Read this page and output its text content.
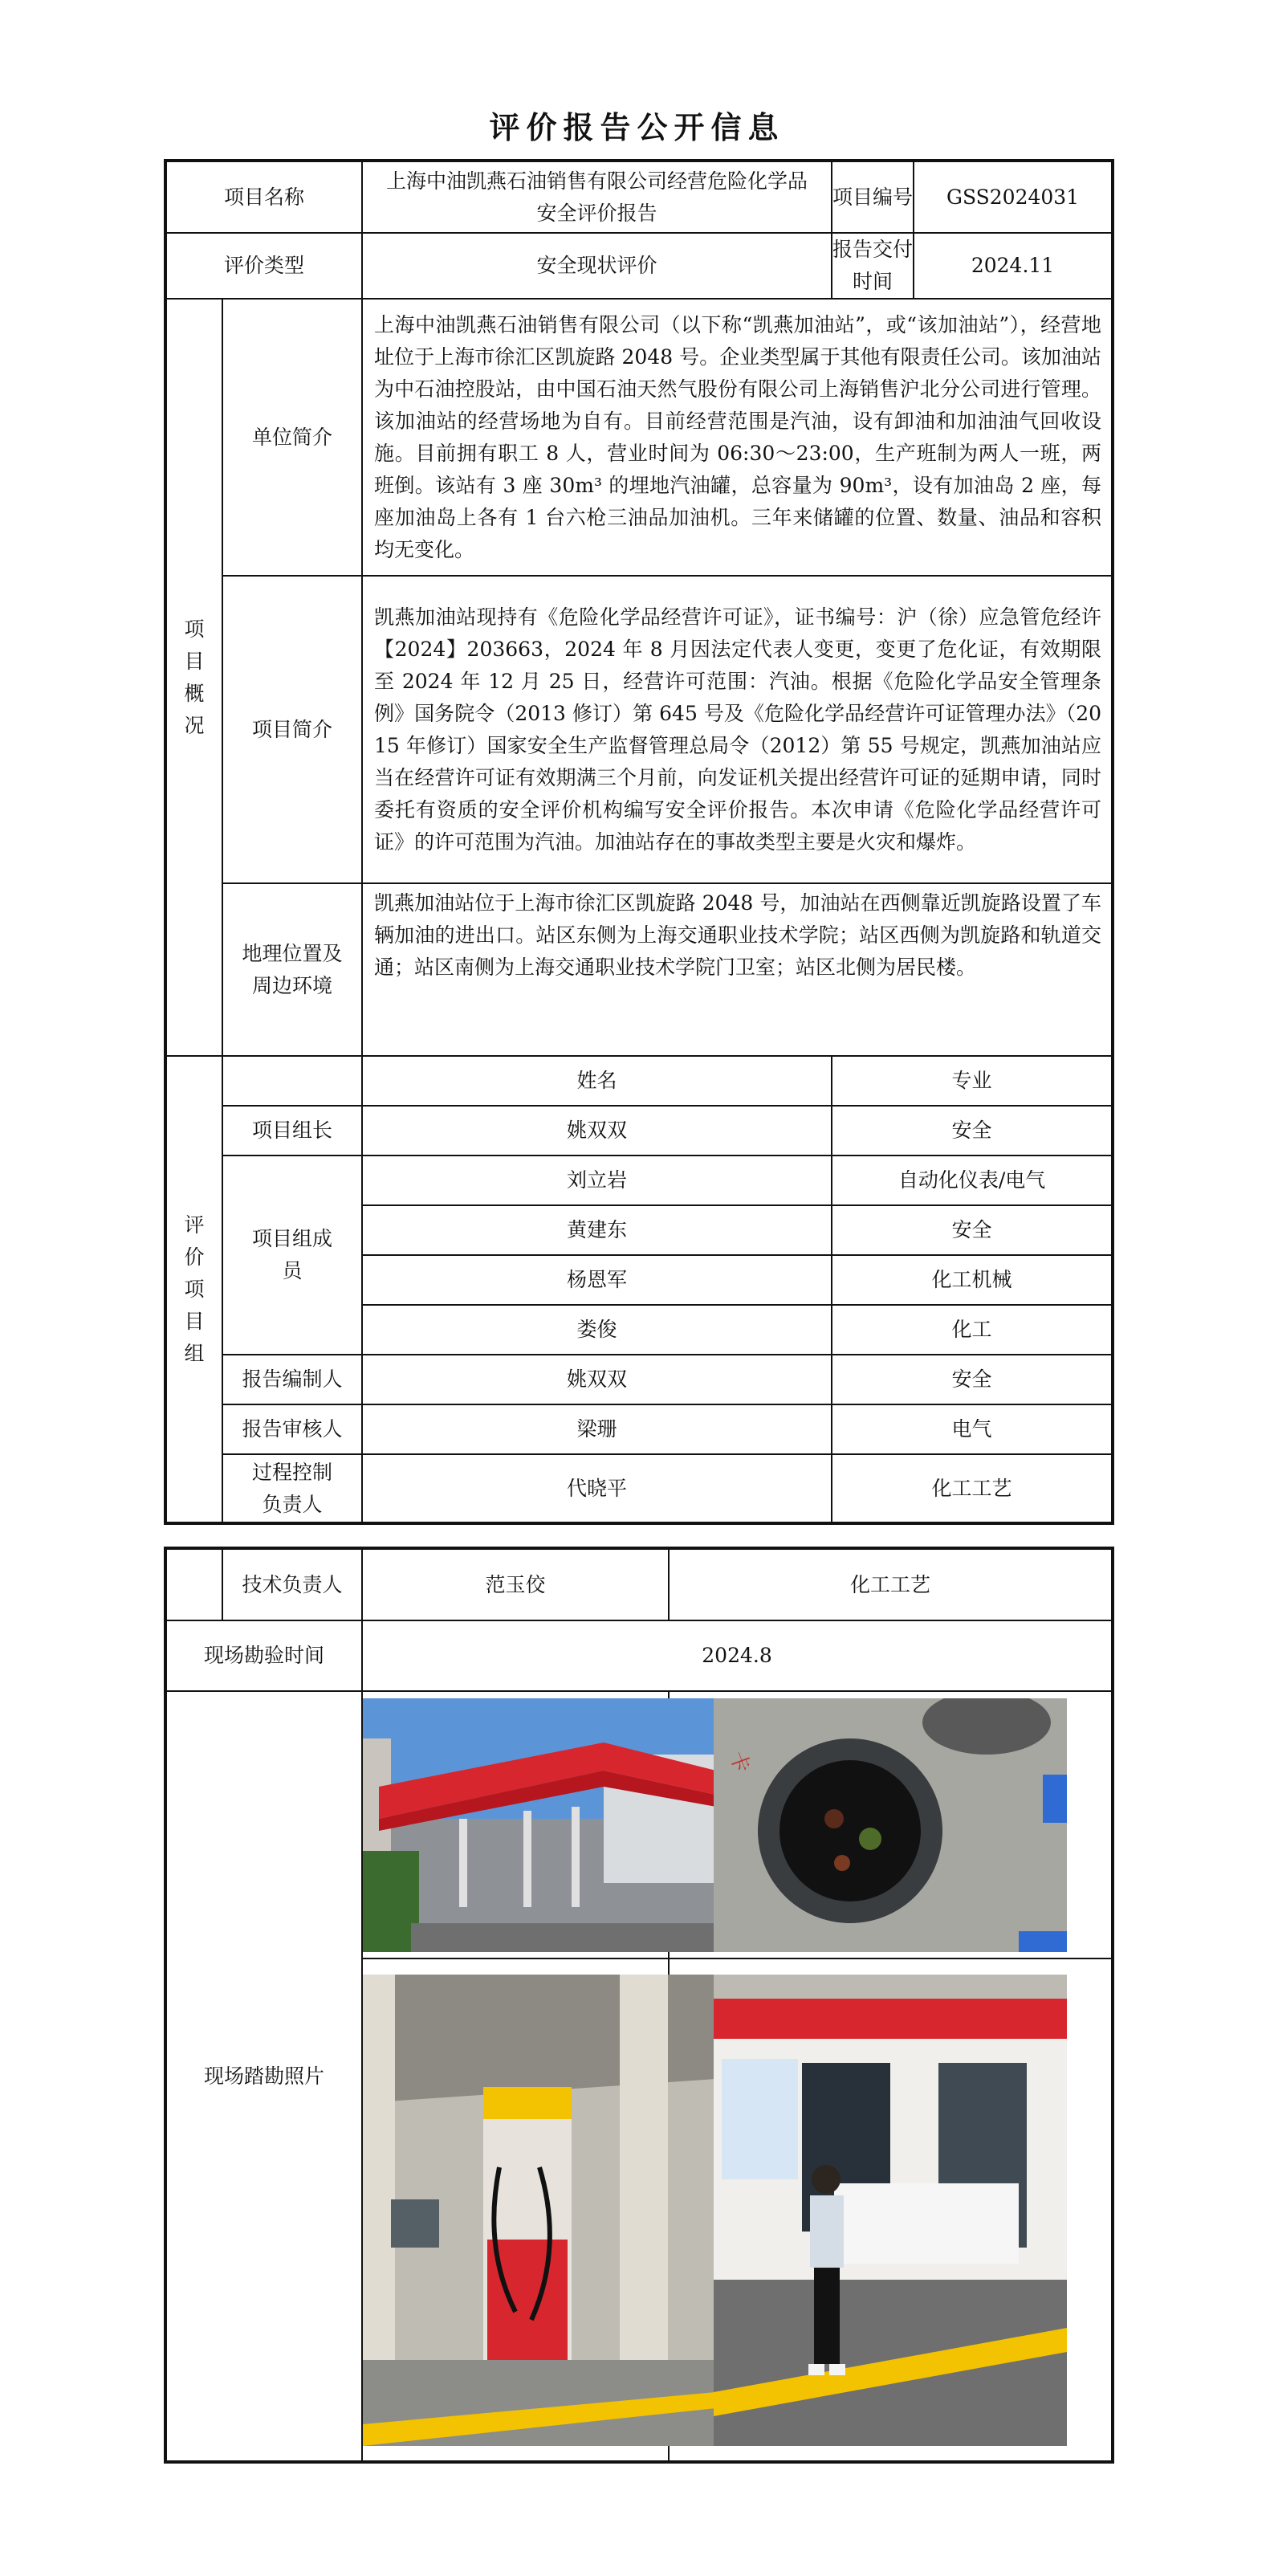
评价报告公开信息
项目名称		上海中油凯燕石油销售有限公司经营危险化学品安全评价报告	项目编号	GSS2024031
评价类型		安全现状评价	报告交付时间	2024.11

项目概况	单位简介	上海中油凯燕石油销售有限公司（以下称“凯燕加油站”，或“该加油站”），经营地址位于上海市徐汇区凯旋路 2048 号。企业类型属于其他有限责任公司。该加油站为中石油控股站，由中国石油天然气股份有限公司上海销售沪北分公司进行管理。该加油站的经营场地为自有。目前经营范围是汽油，设有卸油和加油油气回收设施。目前拥有职工 8 人，营业时间为 06:30～23:00，生产班制为两人一班，两班倒。该站有 3 座 30m³ 的埋地汽油罐，总容量为 90m³，设有加油岛 2 座，每座加油岛上各有 1 台六枪三油品加油机。三年来储罐的位置、数量、油品和容积均无变化。		
	项目简介	凯燕加油站现持有《危险化学品经营许可证》，证书编号：沪（徐）应急管危经许【2024】203663，2024 年 8 月因法定代表人变更，变更了危化证，有效期限至 2024 年 12 月 25 日，经营许可范围：汽油。根据《危险化学品安全管理条例》国务院令（2013 修订）第 645 号及《危险化学品经营许可证管理办法》（2015 年修订）国家安全生产监督管理总局令（2012）第 55 号规定，凯燕加油站应当在经营许可证有效期满三个月前，向发证机关提出经营许可证的延期申请，同时委托有资质的安全评价机构编写安全评价报告。本次申请《危险化学品经营许可证》的许可范围为汽油。加油站存在的事故类型主要是火灾和爆炸。		
	地理位置及周边环境	凯燕加油站位于上海市徐汇区凯旋路 2048 号，加油站在西侧靠近凯旋路设置了车辆加油的进出口。站区东侧为上海交通职业技术学院；站区西侧为凯旋路和轨道交通；站区南侧为上海交通职业技术学院门卫室；站区北侧为居民楼。		

评价项目组		姓名	专业	
	项目组长	姚双双	安全	

	项目组成员	刘立岩	自动化仪表/电气	
		黄建东	安全	
		杨恩军	化工机械	
		娄俊	化工	
	报告编制人	姚双双	安全	
	报告审核人	梁珊	电气	

	过程控制负责人	代晓平	化工工艺	
	技术负责人	范玉佼	化工工艺
现场勘验时间		2024.8	
现场踏勘照片			卡
